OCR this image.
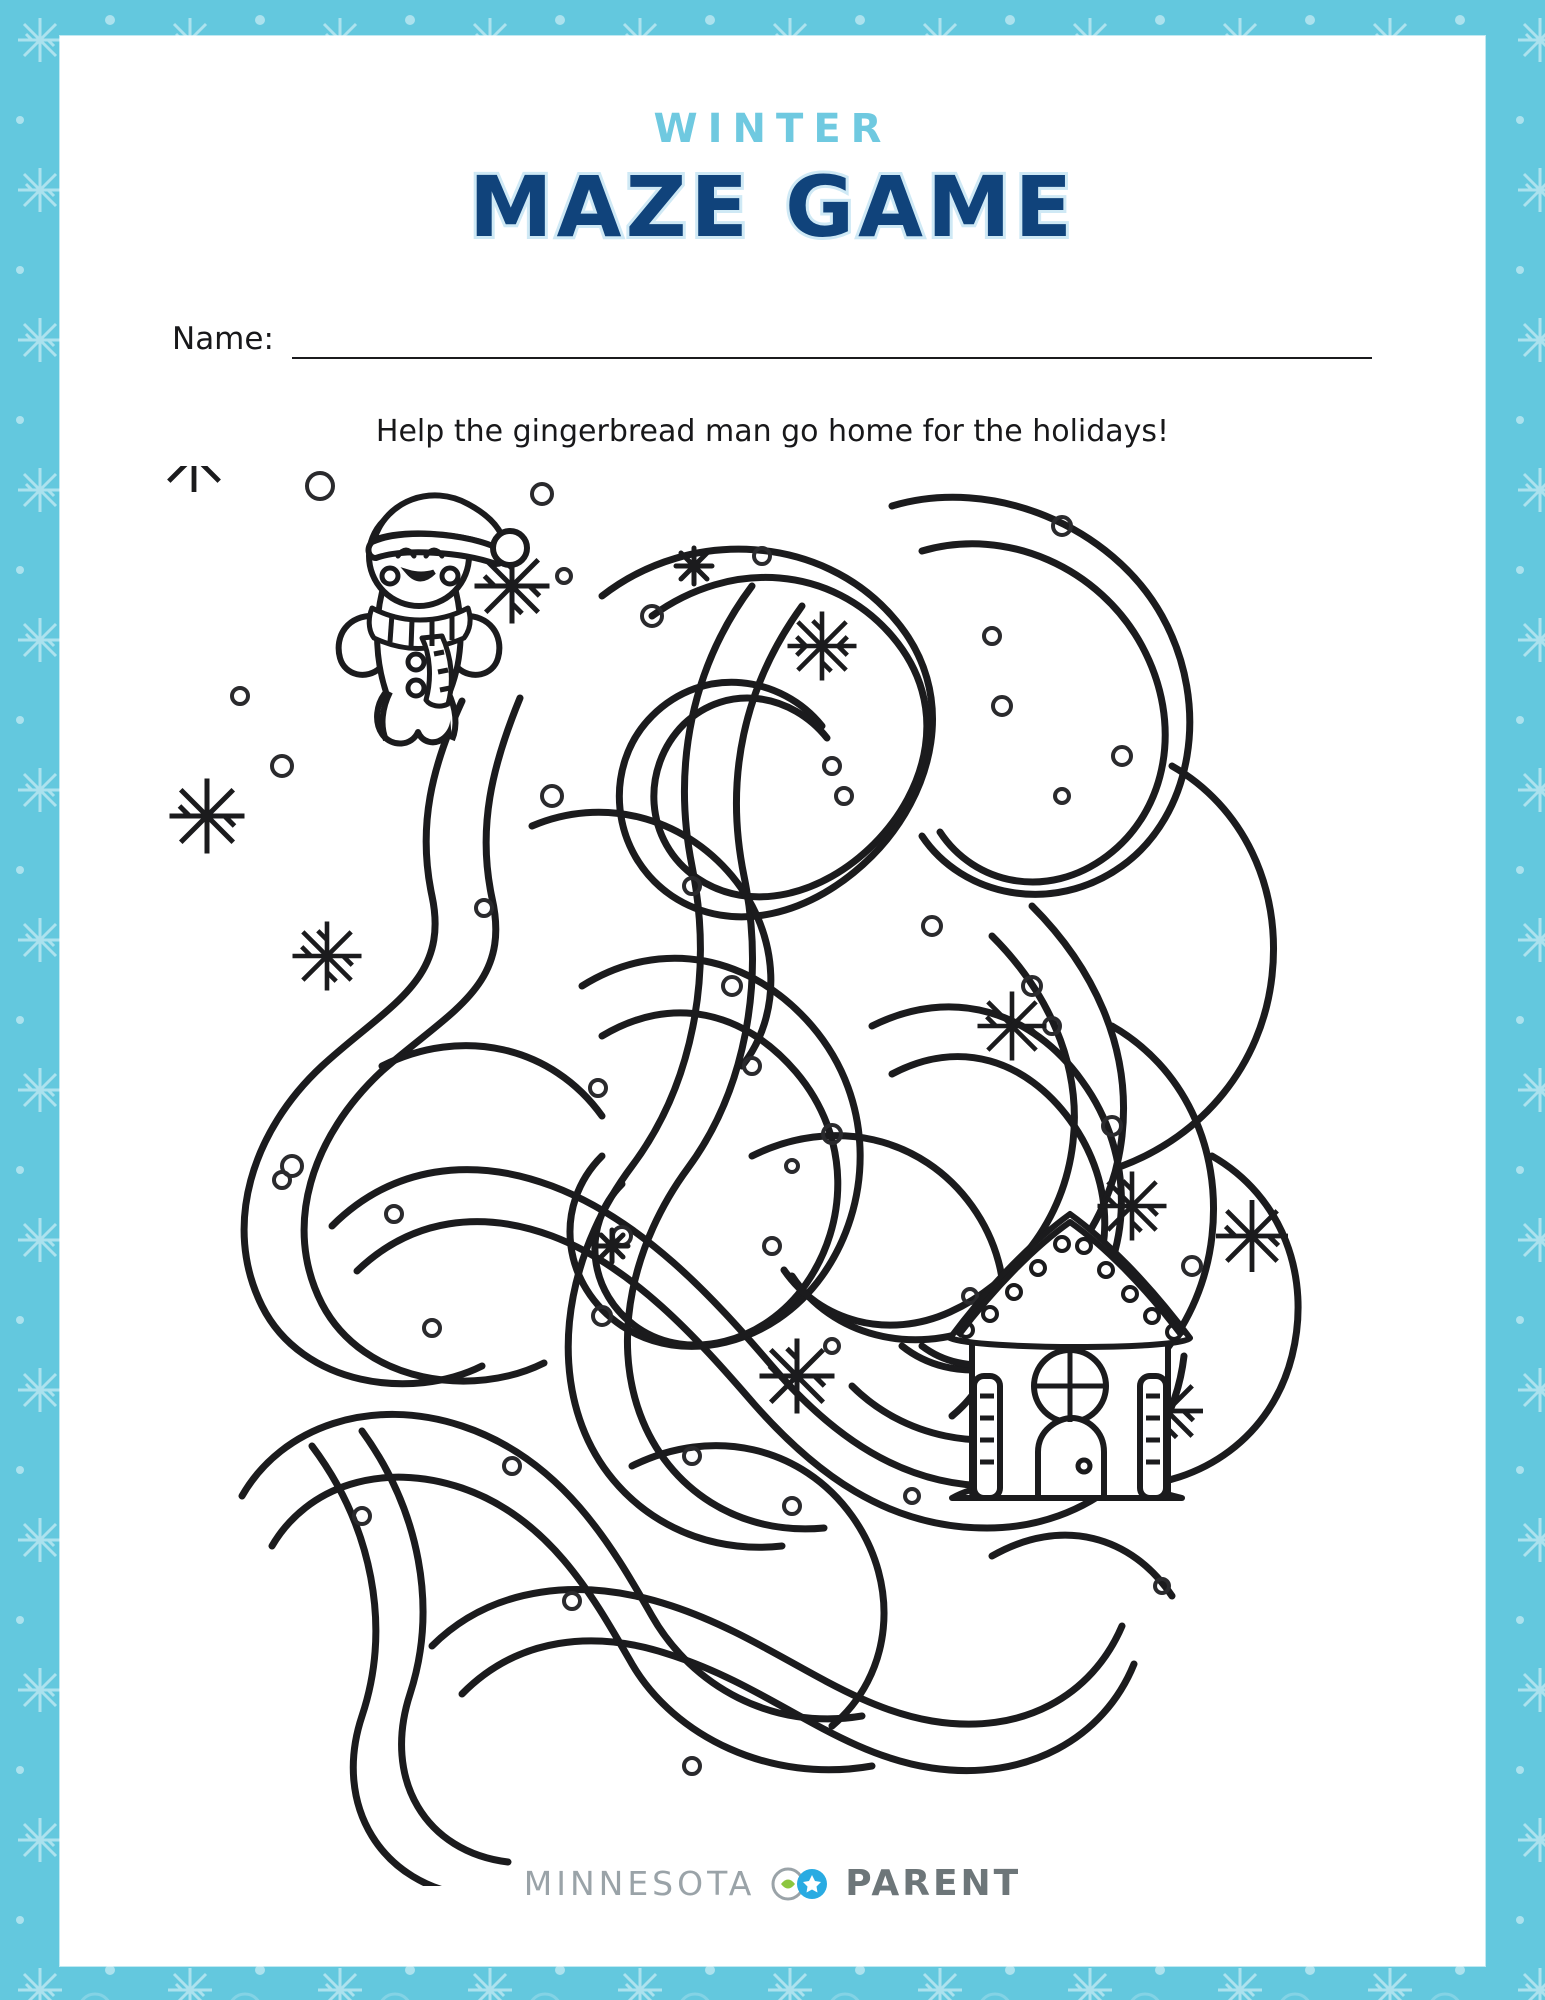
WINTER
MAZE GAME
Name:
Help the gingerbread man go home for the holidays!
MINNESOTA	PARENT
